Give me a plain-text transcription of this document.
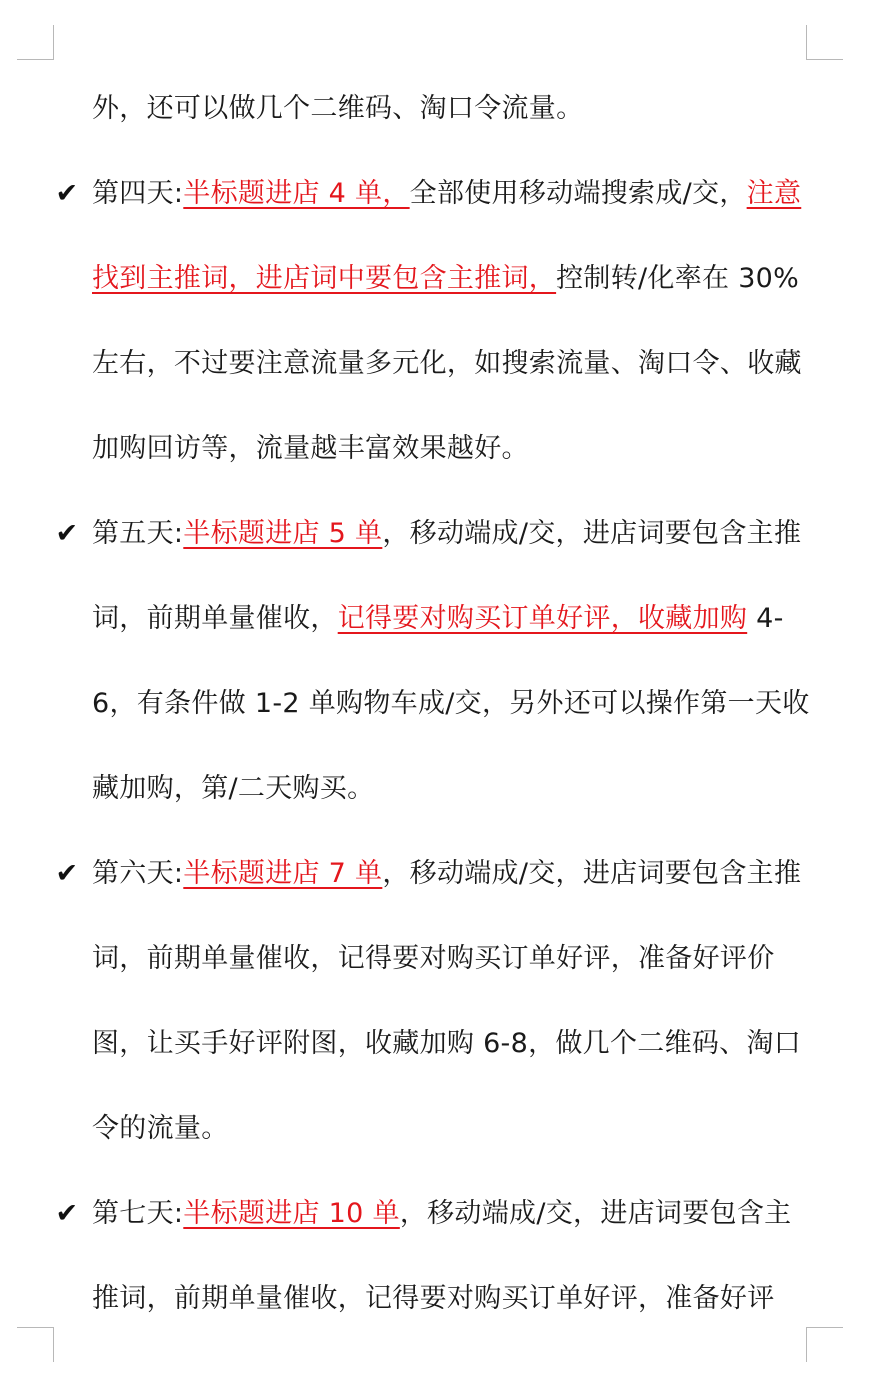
外，还可以做几个二维码、淘口令流量。

✔ 第四天:半标题进店 4 单，全部使用移动端搜索成/交，注意找到主推词，进店词中要包含主推词，控制转/化率在 30%左右，不过要注意流量多元化，如搜索流量、淘口令、收藏加购回访等，流量越丰富效果越好。

✔ 第五天:半标题进店 5 单，移动端成/交，进店词要包含主推词，前期单量催收，记得要对购买订单好评，收藏加购 4-6，有条件做 1-2 单购物车成/交，另外还可以操作第一天收藏加购，第/二天购买。

✔ 第六天:半标题进店 7 单，移动端成/交，进店词要包含主推词，前期单量催收，记得要对购买订单好评，准备好评价图，让买手好评附图，收藏加购 6-8，做几个二维码、淘口令的流量。

✔ 第七天:半标题进店 10 单，移动端成/交，进店词要包含主推词，前期单量催收，记得要对购买订单好评，准备好评
